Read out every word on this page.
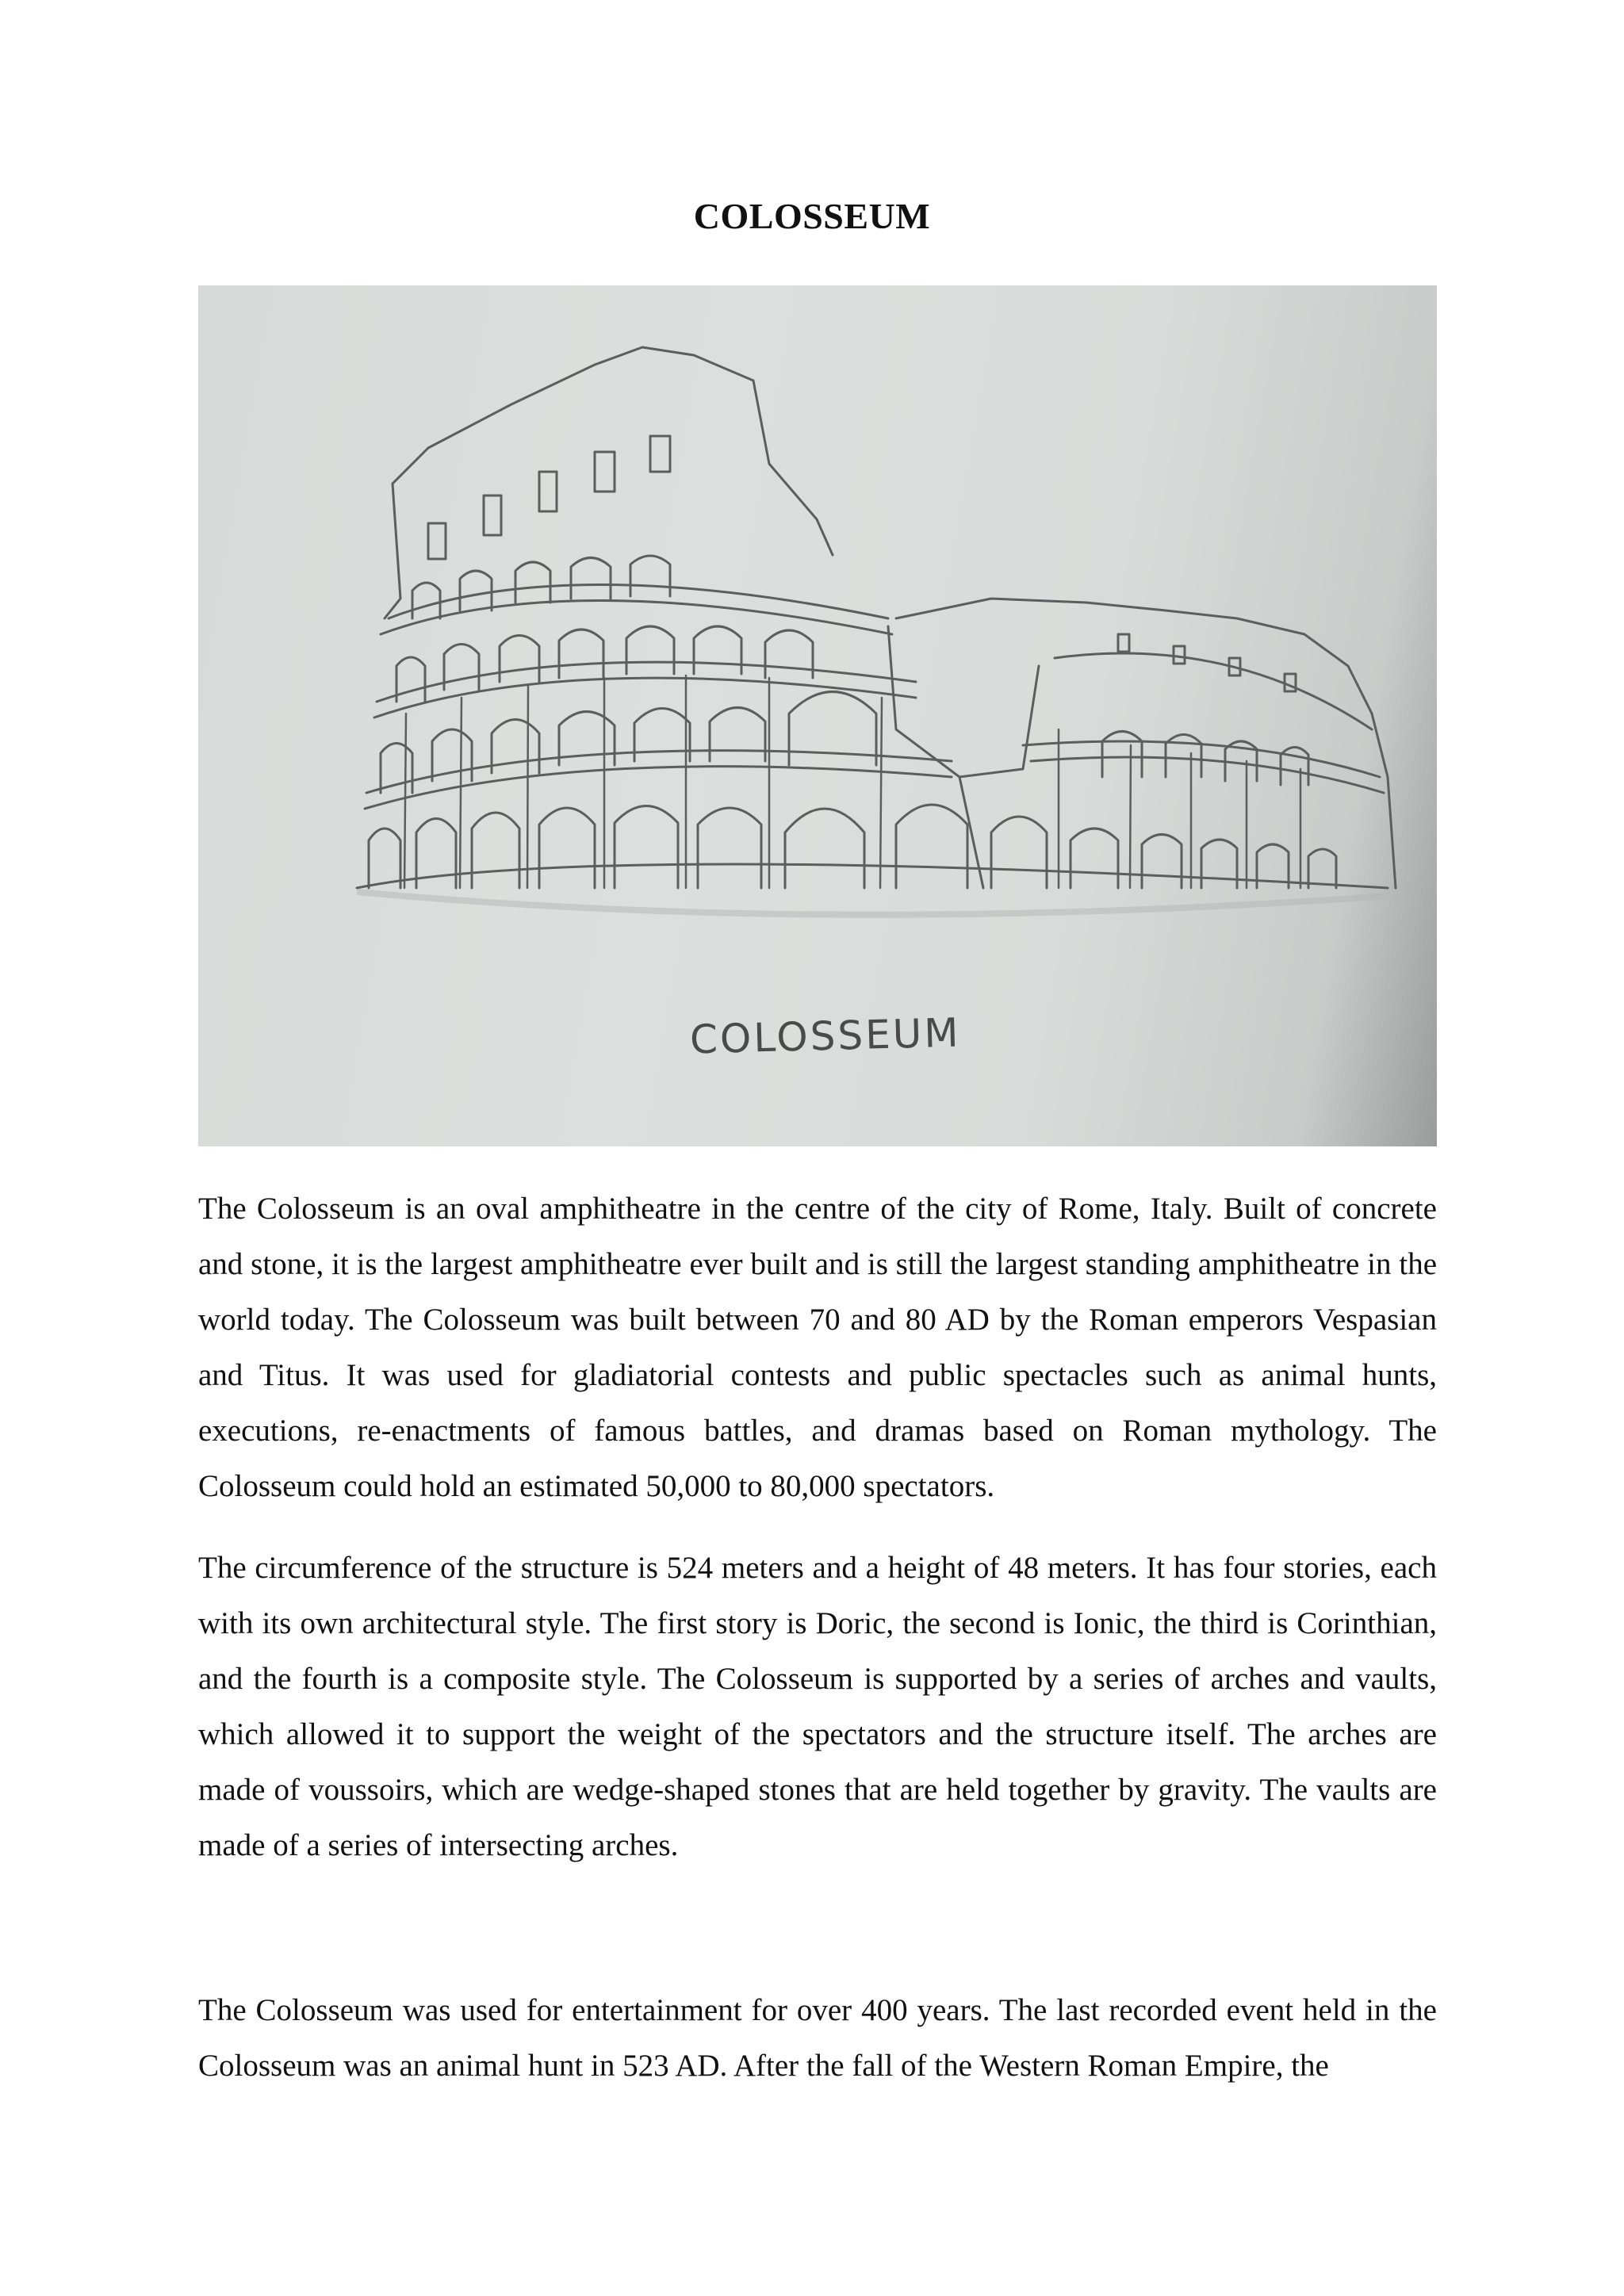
COLOSSEUM
COLOSSEUM

The Colosseum is an oval amphitheatre in the centre of the city of Rome, Italy. Built of concrete and stone, it is the largest amphitheatre ever built and is still the largest standing amphitheatre in the world today. The Colosseum was built between 70 and 80 AD by the Roman emperors Vespasian and Titus. It was used for gladiatorial contests and public spectacles such as animal hunts, executions, re-enactments of famous battles, and dramas based on Roman mythology. The Colosseum could hold an estimated 50,000 to 80,000 spectators.

The circumference of the structure is 524 meters and a height of 48 meters. It has four stories, each with its own architectural style. The first story is Doric, the second is Ionic, the third is Corinthian, and the fourth is a composite style. The Colosseum is supported by a series of arches and vaults, which allowed it to support the weight of the spectators and the structure itself. The arches are made of voussoirs, which are wedge-shaped stones that are held together by gravity. The vaults are made of a series of intersecting arches.

The Colosseum was used for entertainment for over 400 years. The last recorded event held in the Colosseum was an animal hunt in 523 AD. After the fall of the Western Roman Empire, the
